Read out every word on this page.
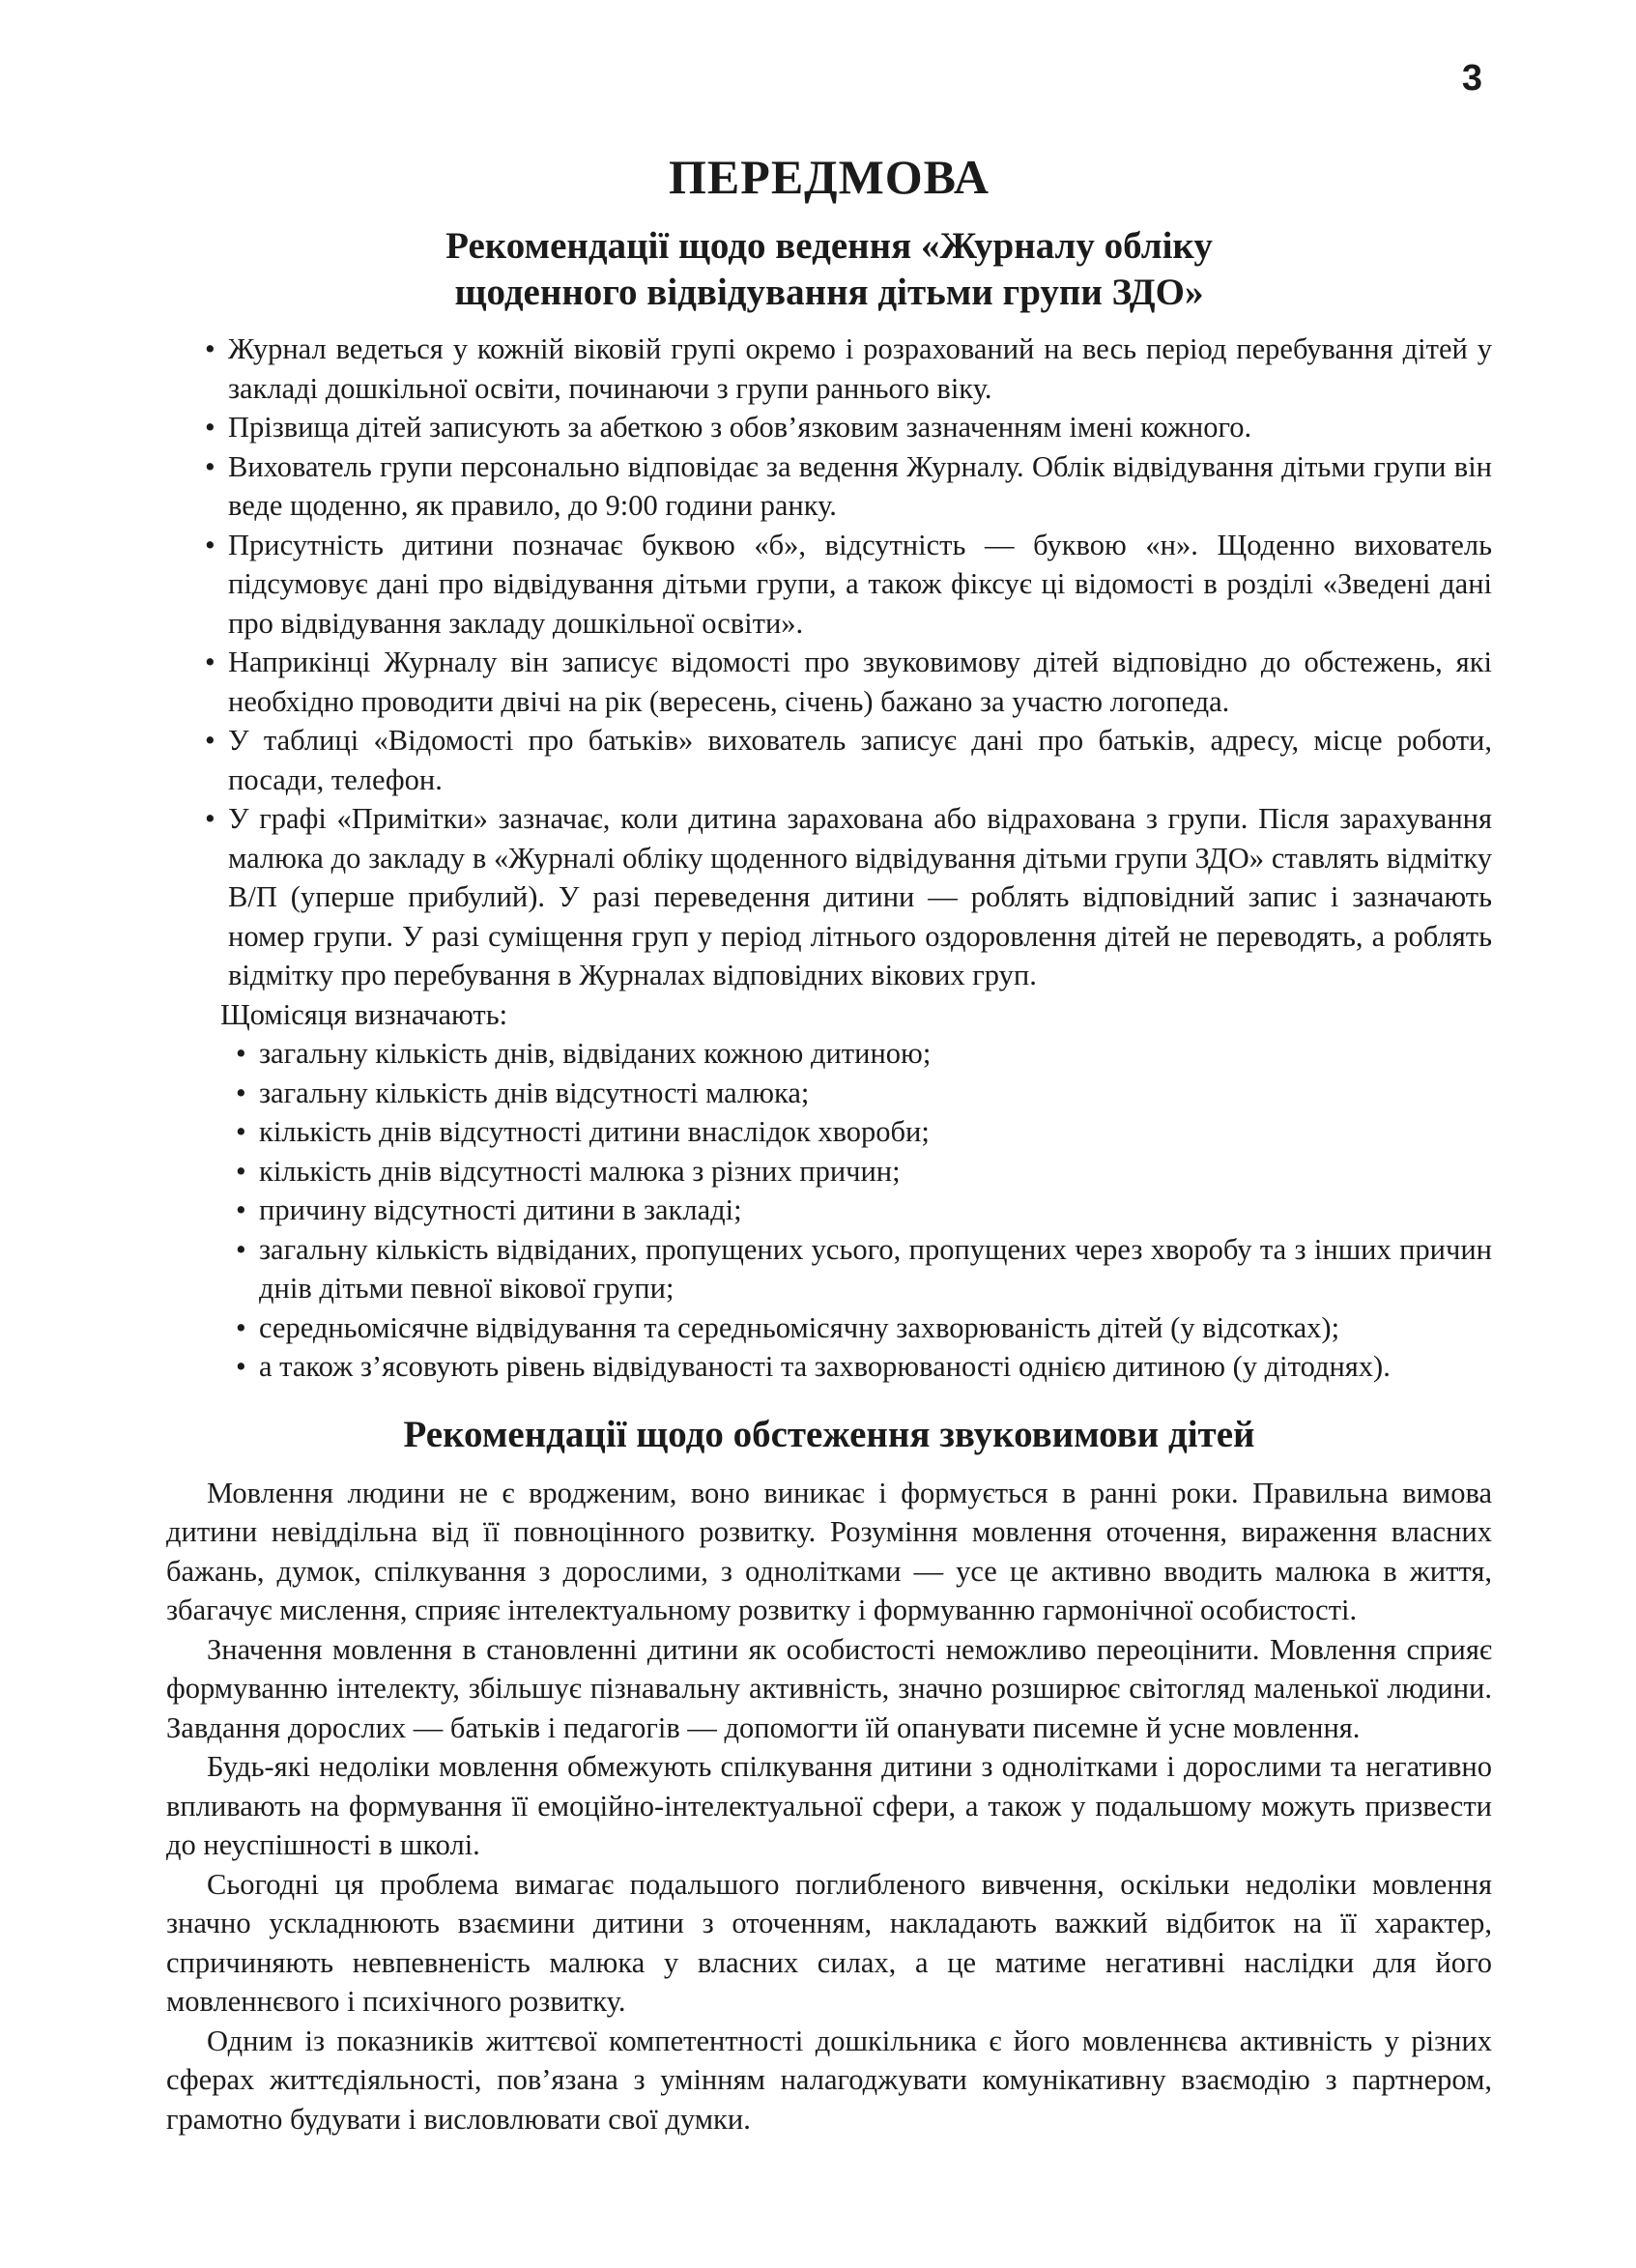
3
ПЕРЕДМОВА
Рекомендації щодо ведення «Журналу обліку
щоденного відвідування дітьми групи ЗДО»
• Журнал ведеться у кожній віковій групі окремо і розрахований на весь період перебування дітей у закладі дошкільної освіти, починаючи з групи раннього віку.
• Прізвища дітей записують за абеткою з обов’язковим зазначенням імені кожного.
• Вихователь групи персонально відповідає за ведення Журналу. Облік відвідування дітьми групи він веде щоденно, як правило, до 9:00 години ранку.
• Присутність дитини позначає буквою «б», відсутність — буквою «н». Щоденно вихователь підсумовує дані про відвідування дітьми групи, а також фіксує ці відомості в розділі «Зведені дані про відвідування закладу дошкільної освіти».
• Наприкінці Журналу він записує відомості про звуковимову дітей відповідно до обстежень, які необхідно проводити двічі на рік (вересень, січень) бажано за участю логопеда.
• У таблиці «Відомості про батьків» вихователь записує дані про батьків, адресу, місце роботи, посади, телефон.
• У графі «Примітки» зазначає, коли дитина зарахована або відрахована з групи. Після зарахування малюка до закладу в «Журналі обліку щоденного відвідування дітьми групи ЗДО» ставлять відмітку В/П (уперше прибулий). У разі переведення дитини — роблять відповідний запис і зазначають номер групи. У разі суміщення груп у період літнього оздоровлення дітей не переводять, а роблять відмітку про перебування в Журналах відповідних вікових груп.

Щомісяця визначають:

• загальну кількість днів, відвіданих кожною дитиною;
• загальну кількість днів відсутності малюка;
• кількість днів відсутності дитини внаслідок хвороби;
• кількість днів відсутності малюка з різних причин;
• причину відсутності дитини в закладі;
• загальну кількість відвіданих, пропущених усього, пропущених через хворобу та з інших причин днів дітьми певної вікової групи;
• середньомісячне відвідування та середньомісячну захворюваність дітей (у відсотках);
• а також з’ясовують рівень відвідуваності та захворюваності однією дитиною (у дітоднях).
Рекомендації щодо обстеження звуковимови дітей

Мовлення людини не є вродженим, воно виникає і формується в ранні роки. Правильна вимова дитини невіддільна від її повноцінного розвитку. Розуміння мовлення оточення, вираження власних бажань, думок, спілкування з дорослими, з однолітками — усе це активно вводить малюка в життя, збагачує мислення, сприяє інтелектуальному розвитку і формуванню гармонічної особистості.

Значення мовлення в становленні дитини як особистості неможливо переоцінити. Мовлення сприяє формуванню інтелекту, збільшує пізнавальну активність, значно розширює світогляд маленької людини. Завдання дорослих — батьків і педагогів — допомогти їй опанувати писемне й усне мовлення.

Будь-які недоліки мовлення обмежують спілкування дитини з однолітками і дорослими та негативно впливають на формування її емоційно-інтелектуальної сфери, а також у подальшому можуть призвести до неуспішності в школі.

Сьогодні ця проблема вимагає подальшого поглибленого вивчення, оскільки недоліки мовлення значно ускладнюють взаємини дитини з оточенням, накладають важкий відбиток на її характер, спричиняють невпевненість малюка у власних силах, а це матиме негативні наслідки для його мовленнєвого і психічного розвитку.

Одним із показників життєвої компетентності дошкільника є його мовленнєва активність у різних сферах життєдіяльності, пов’язана з умінням налагоджувати комунікативну взаємодію з партнером, грамотно будувати і висловлювати свої думки.
